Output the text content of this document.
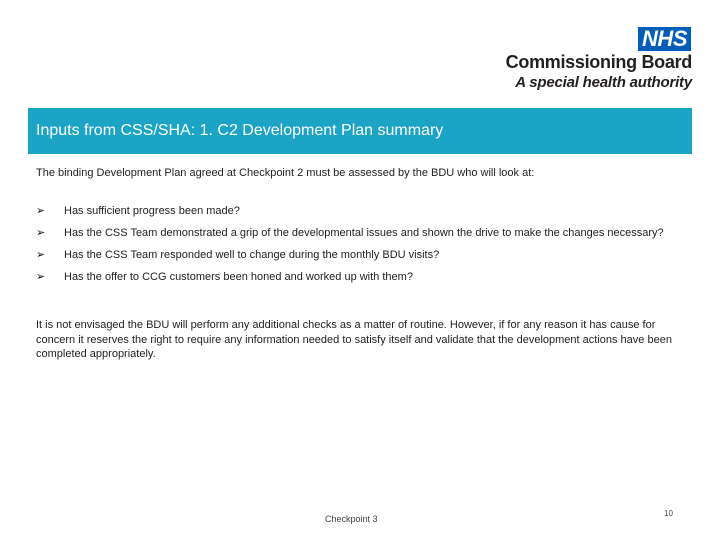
NHS
Commissioning Board
A special health authority
Inputs from CSS/SHA: 1. C2 Development Plan summary
The binding Development Plan agreed at Checkpoint 2 must be assessed by the BDU who will look at:
➢	Has sufficient progress been made?
➢	Has the CSS Team demonstrated a grip of the developmental issues and shown the drive to make the changes necessary?
➢	Has the CSS Team responded well to change during the monthly BDU visits?
➢	Has the offer to CCG customers been honed and worked up with them?
It is not envisaged the BDU will perform any additional checks as a matter of routine. However, if for any reason it has cause for concern it reserves the right to require any information needed to satisfy itself and validate that the development actions have been completed appropriately.
Checkpoint 3
10
